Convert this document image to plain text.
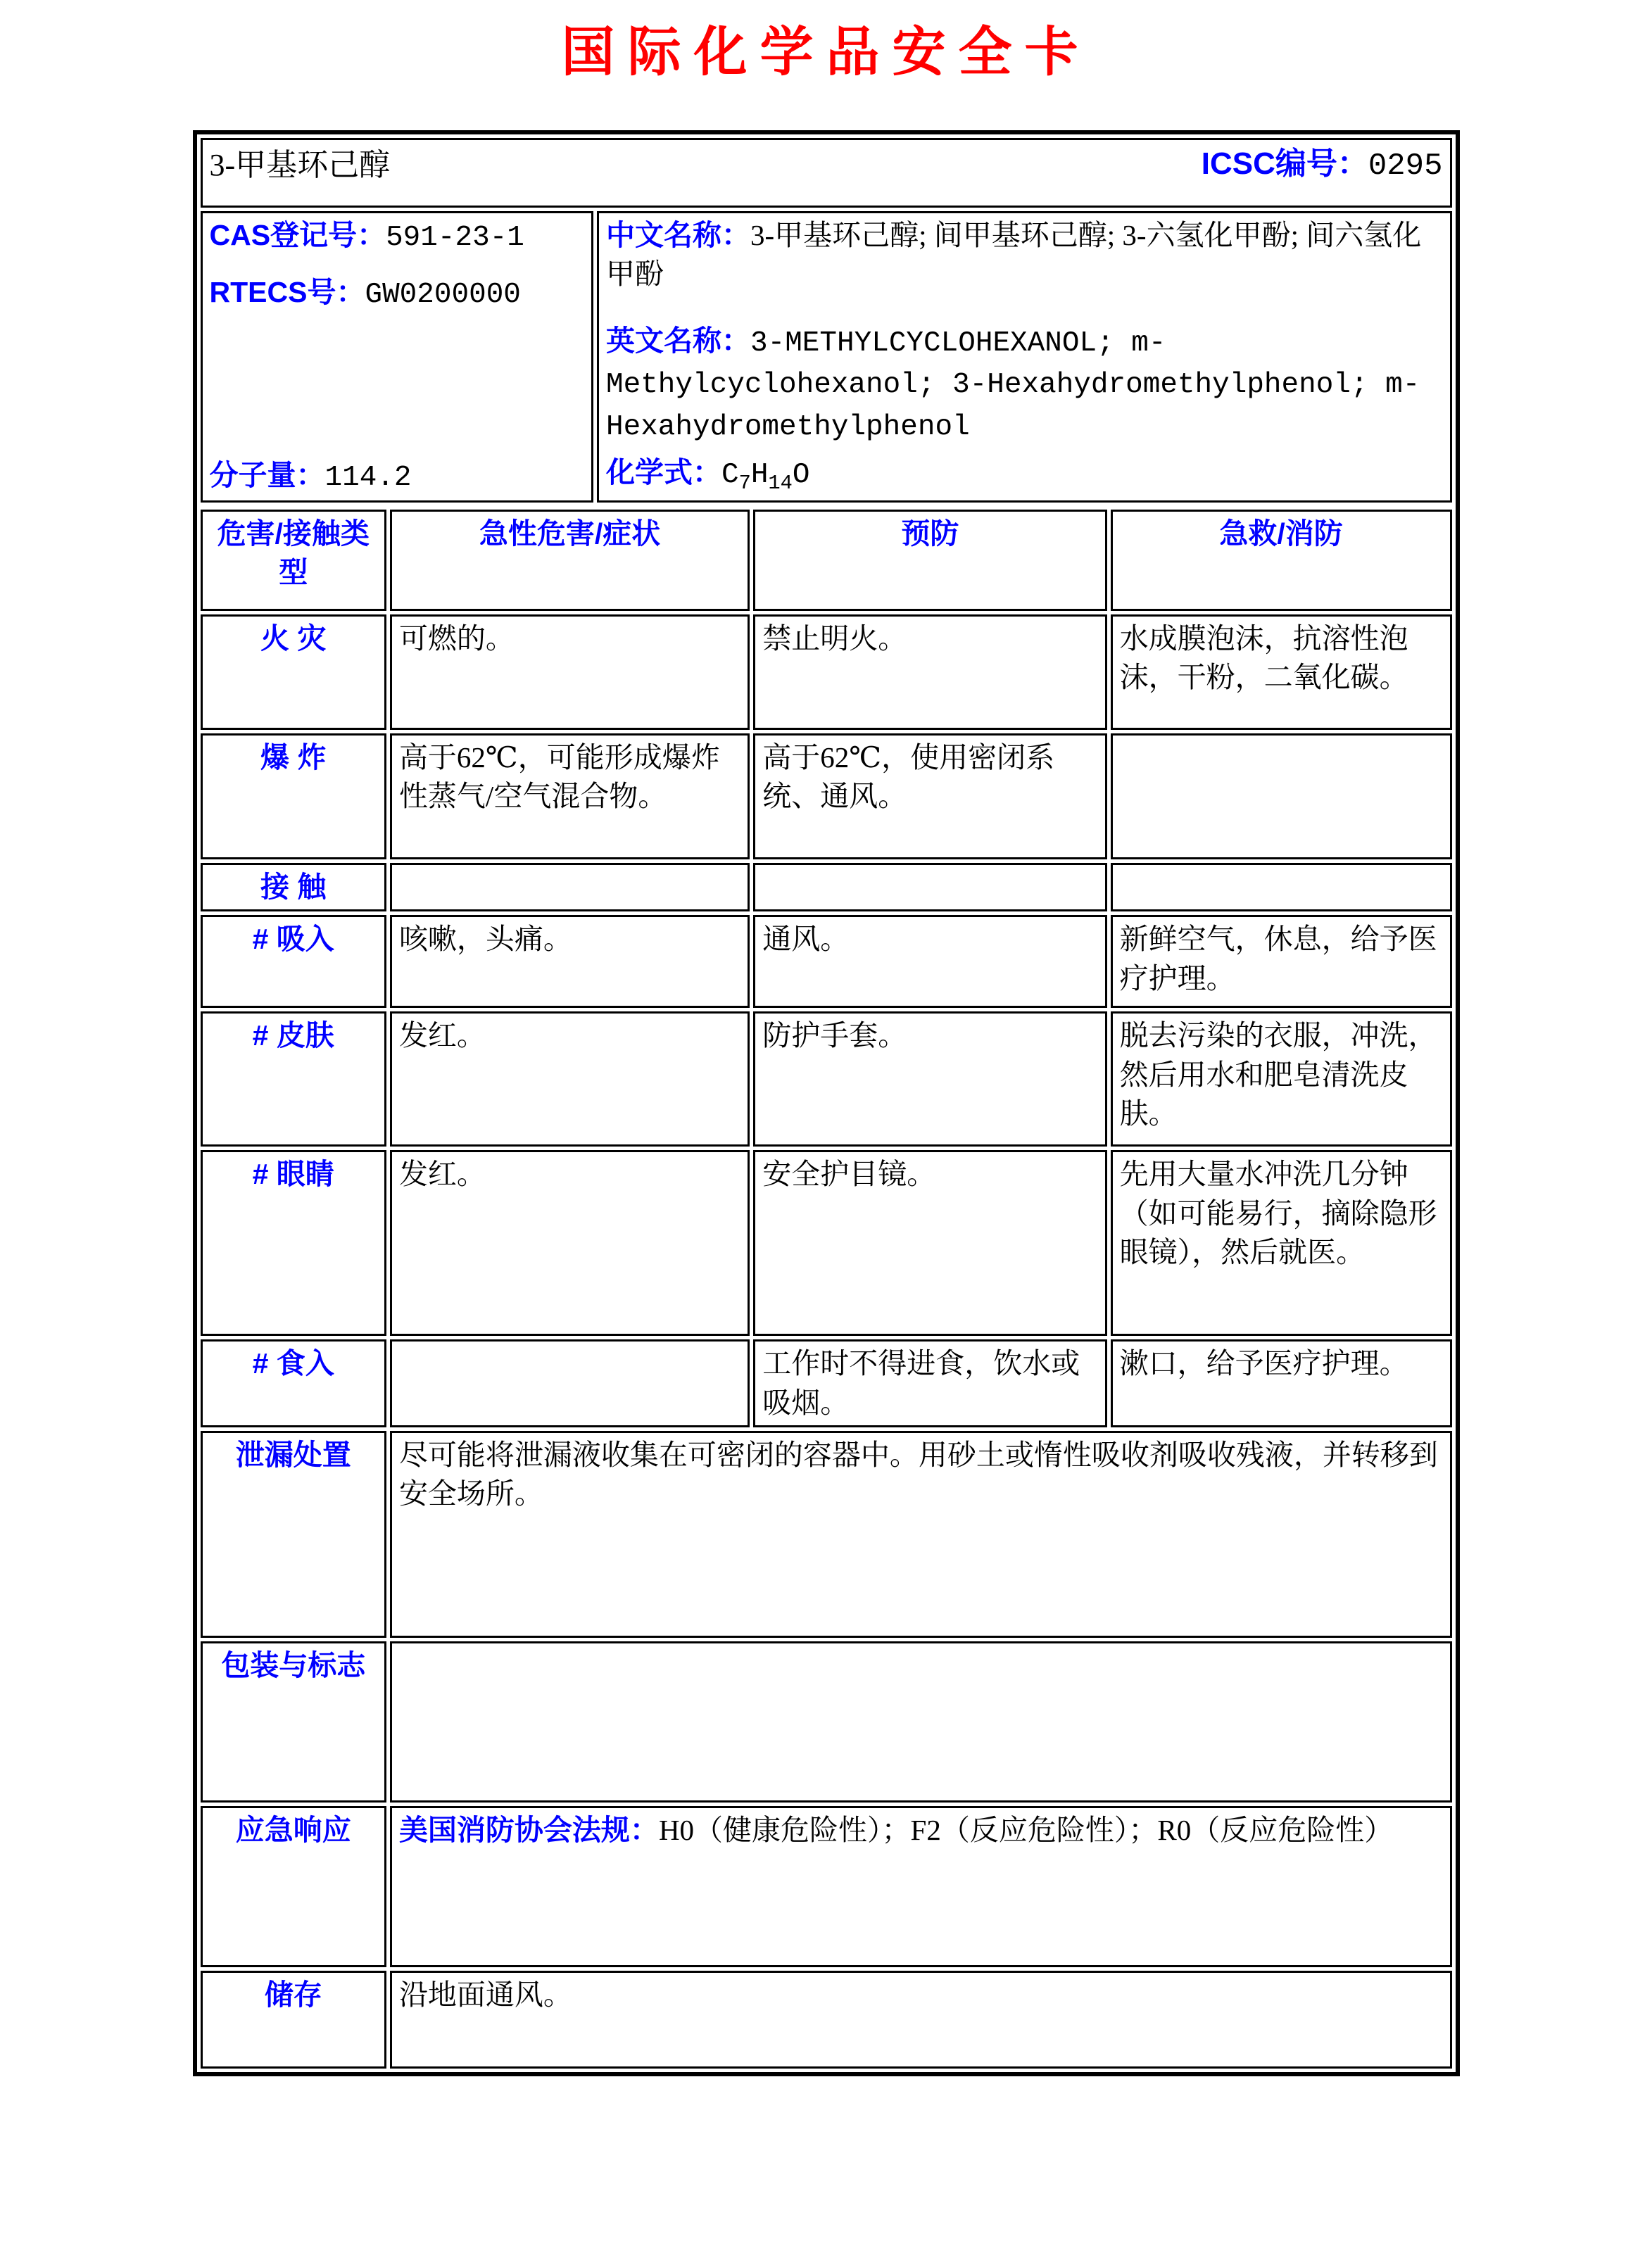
国际化学品安全卡
3-甲基环己醇	ICSC编号：0295

CAS登记号：591-23-1
RTECS号：GW0200000
分子量：114.2

中文名称：3-甲基环己醇; 间甲基环己醇; 3-六氢化甲酚; 间六氢化甲酚

英文名称：3-METHYLCYCLOHEXANOL; m-Methylcyclohexanol; 3-Hexahydromethylphenol; m-Hexahydromethylphenol

化学式：$C_7H_{14}O$
危害/接触类型	急性危害/症状	预防	急救/消防
火 灾	可燃的。	禁止明火。	水成膜泡沫，抗溶性泡沫，干粉，二氧化碳。
爆 炸	高于62℃，可能形成爆炸性蒸气/空气混合物。	高于62℃，使用密闭系统、通风。	
接 触			
# 吸入	咳嗽，头痛。	通风。	新鲜空气，休息，给予医疗护理。
# 皮肤	发红。	防护手套。	脱去污染的衣服，冲洗，然后用水和肥皂清洗皮肤。
# 眼睛	发红。	安全护目镜。	先用大量水冲洗几分钟（如可能易行，摘除隐形眼镜），然后就医。
# 食入		工作时不得进食，饮水或吸烟。	漱口，给予医疗护理。
泄漏处置	尽可能将泄漏液收集在可密闭的容器中。用砂土或惰性吸收剂吸收残液，并转移到安全场所。		
包装与标志			
应急响应	美国消防协会法规：H0（健康危险性）；F2（反应危险性）；R0（反应危险性）		
储存	沿地面通风。		
